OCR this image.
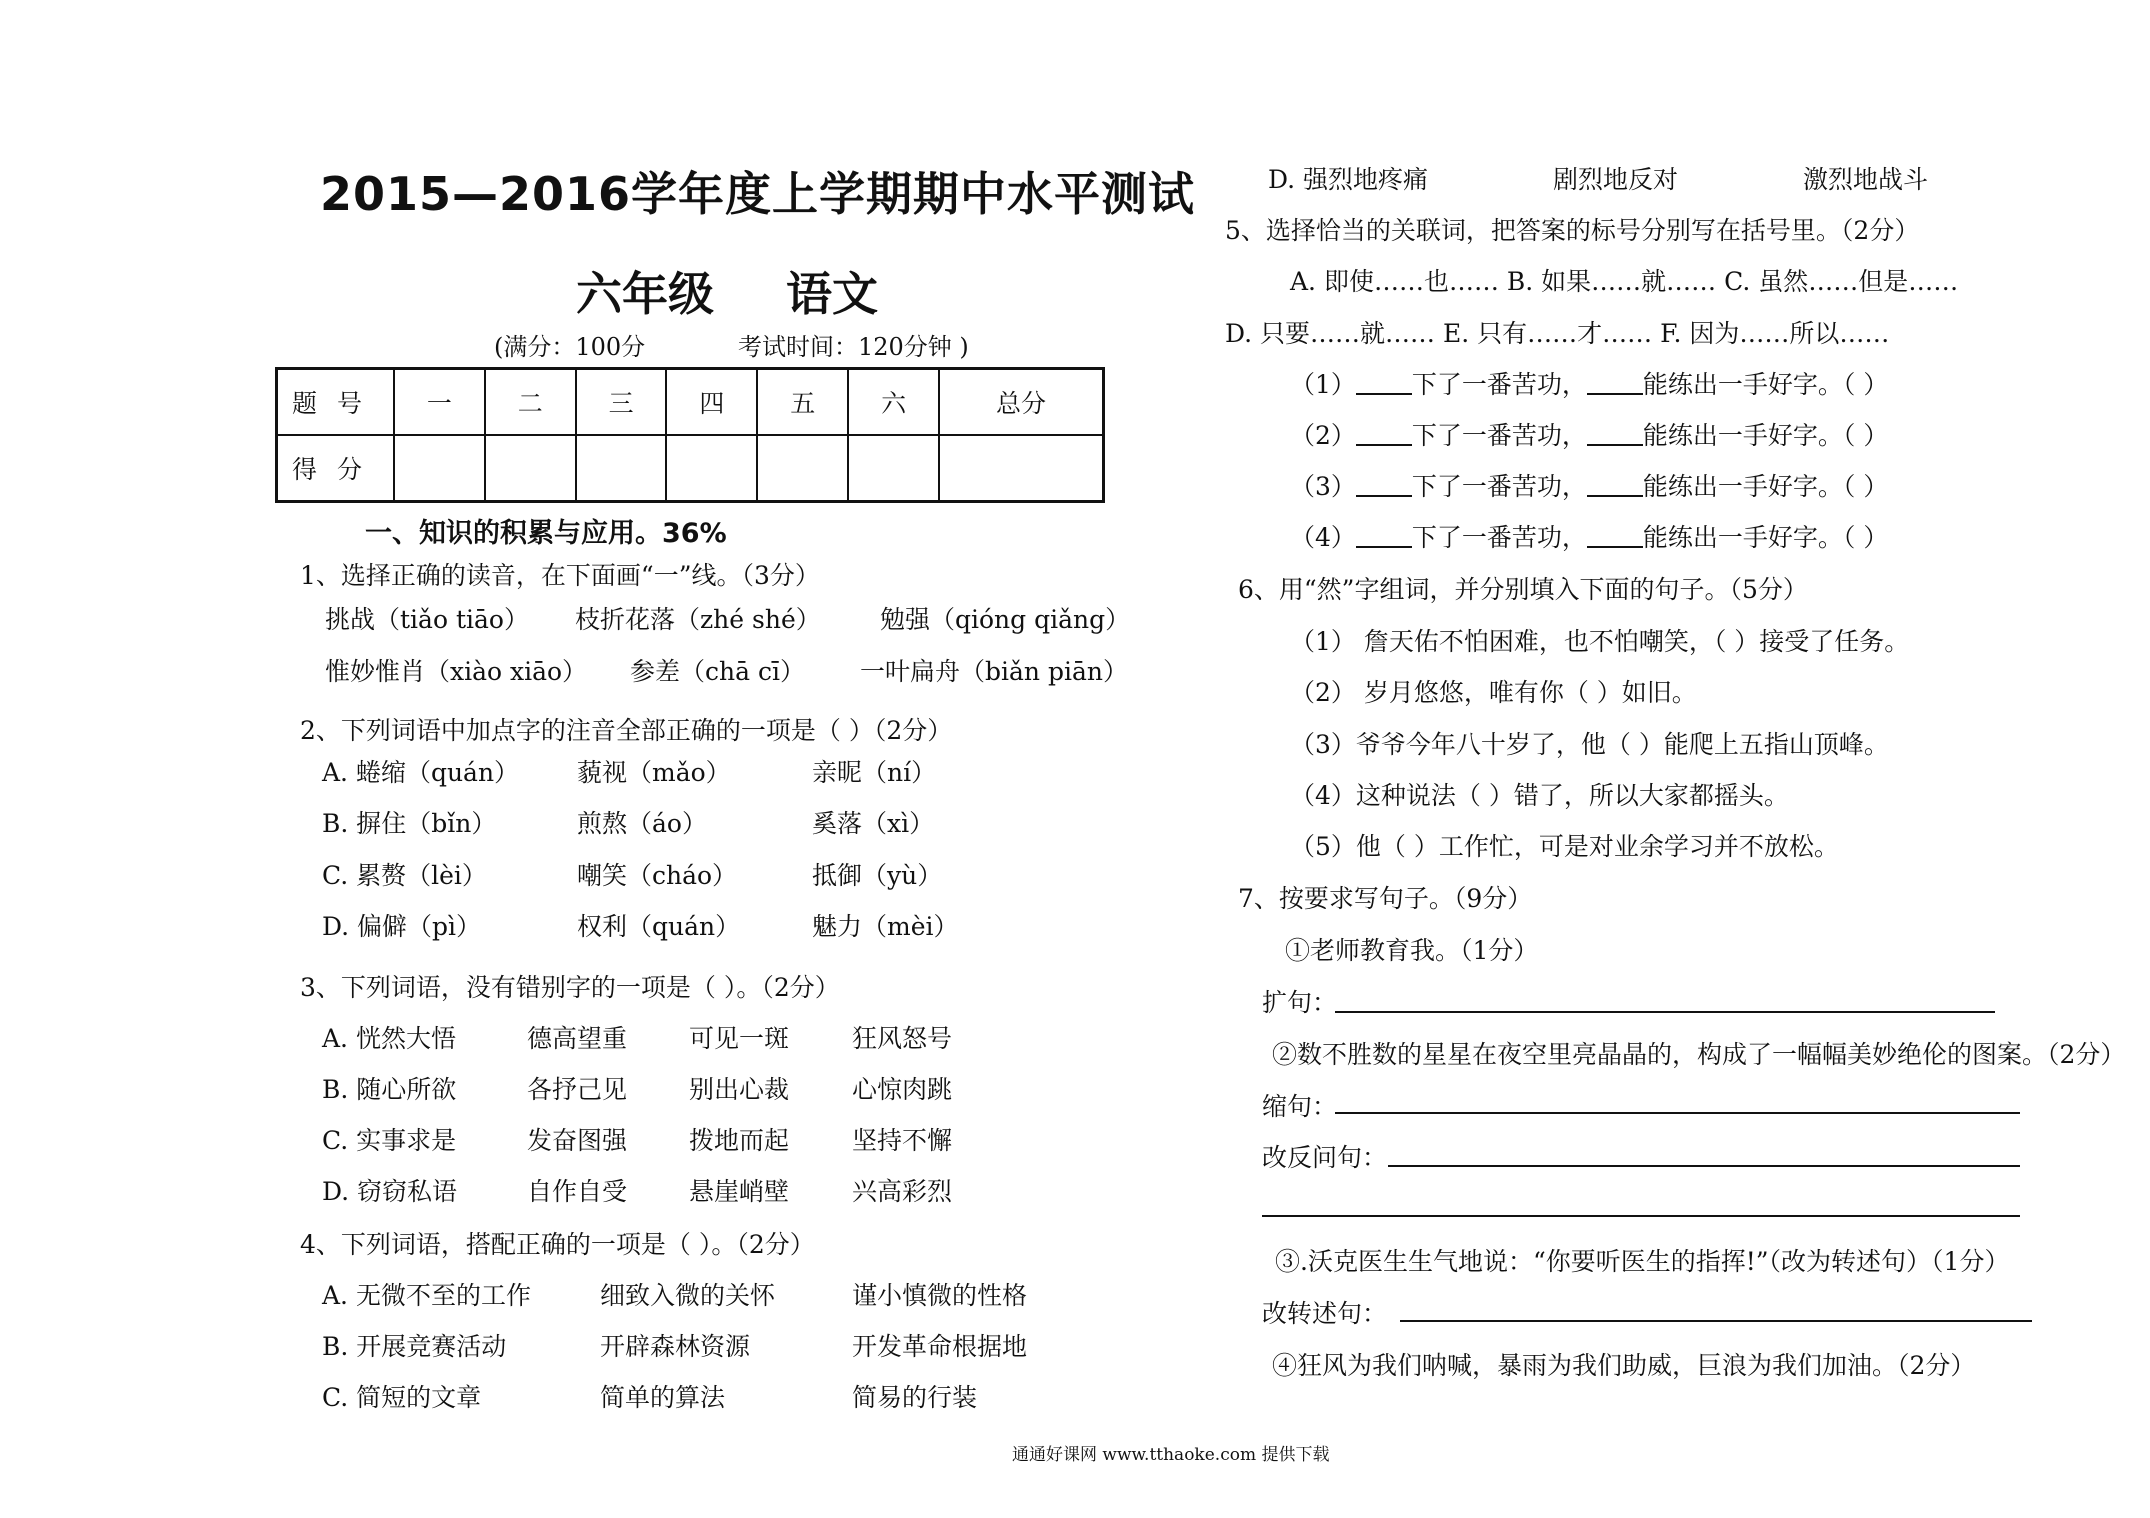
2015—2016学年度上学期期中水平测试
六年级 语文
(满分：100分	考试时间：120分钟 )
题 号	一	二	三	四	五	六	总分
得 分							
一、知识的积累与应用。36%
1、选择正确的读音，在下面画“一”线。（3分）
挑战（tiǎo tiāo） 枝折花落（zhé shé） 勉强（qióng qiǎng）
惟妙惟肖（xiào xiāo） 参差（chā cī） 一叶扁舟（biǎn piān）
2、下列词语中加点字的注音全部正确的一项是（ ）（2分）
A. 蜷缩（quán） 藐视（mǎo）	亲昵（ní）
B. 摒住（bǐn）	煎熬（áo）	奚落（xì）
C. 累赘（lèi）	嘲笑（cháo）	抵御（yù）
D. 偏僻（pì）	权利（quán）	魅力（mèi）
3、下列词语，没有错别字的一项是（ ）。（2分）
A. 恍然大悟	德高望重 可见一斑	狂风怒号
B. 随心所欲	各抒己见 别出心裁	心惊肉跳
C. 实事求是	发奋图强 拨地而起	坚持不懈
D. 窃窃私语	自作自受 悬崖峭壁	兴高彩烈
4、下列词语，搭配正确的一项是（ ）。（2分）
A. 无微不至的工作	细致入微的关怀	谨小慎微的性格
B. 开展竞赛活动	开辟森林资源	开发革命根据地
C. 简短的文章	简单的算法	简易的行装
D. 强烈地疼痛	剧烈地反对	激烈地战斗
5、选择恰当的关联词，把答案的标号分别写在括号里。（2分）
A. 即使……也…… B. 如果……就…… C. 虽然……但是……
D. 只要……就…… E. 只有……才…… F. 因为……所以……
（1） 下了一番苦功， 能练出一手好字。（ ）
（2） 下了一番苦功， 能练出一手好字。（ ）
（3） 下了一番苦功， 能练出一手好字。（ ）
（4） 下了一番苦功， 能练出一手好字。（ ）
6、用“然”字组词，并分别填入下面的句子。（5分）
（1） 詹天佑不怕困难，也不怕嘲笑，（ ）接受了任务。
（2） 岁月悠悠，唯有你（ ）如旧。
（3）爷爷今年八十岁了，他（ ）能爬上五指山顶峰。
（4）这种说法（ ）错了，所以大家都摇头。
（5）他（ ）工作忙，可是对业余学习并不放松。
7、按要求写句子。（9分）
①老师教育我。（1分）
扩句：
②数不胜数的星星在夜空里亮晶晶的，构成了一幅幅美妙绝伦的图案。（2分）
缩句：
改反问句：
③.沃克医生生气地说：“你要听医生的指挥!”（改为转述句）（1分）
改转述句：
④狂风为我们呐喊，暴雨为我们助威，巨浪为我们加油。（2分）
通通好课网 www.tthaoke.com 提供下载
